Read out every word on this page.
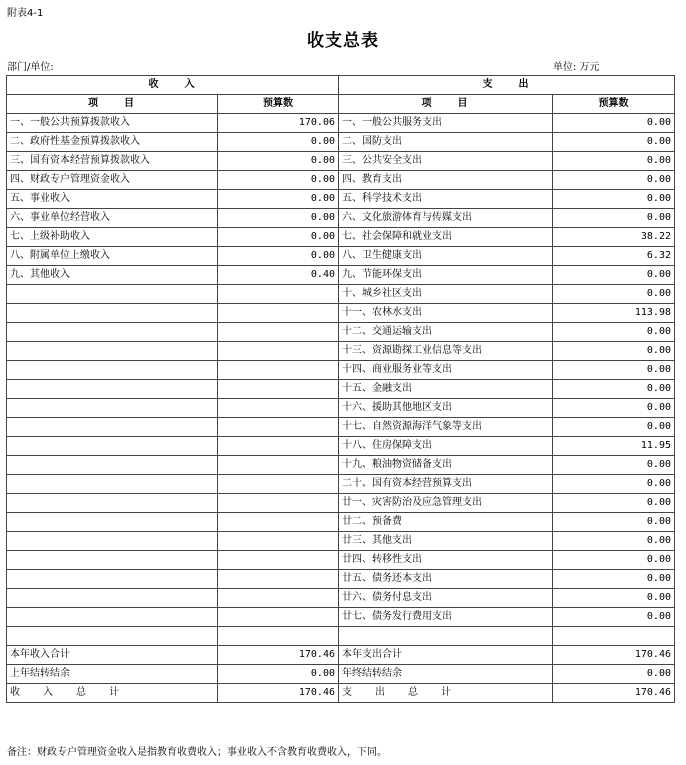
附表4-1
收支总表
部门/单位:	单位: 万元
收　　入		支　　出	
项　　目	预算数	项　　目	预算数
一、一般公共预算拨款收入	170.06	一、一般公共服务支出	0.00
二、政府性基金预算拨款收入	0.00	二、国防支出	0.00
三、国有资本经营预算拨款收入	0.00	三、公共安全支出	0.00
四、财政专户管理资金收入	0.00	四、教育支出	0.00
五、事业收入	0.00	五、科学技术支出	0.00
六、事业单位经营收入	0.00	六、文化旅游体育与传媒支出	0.00
七、上级补助收入	0.00	七、社会保障和就业支出	38.22
八、附属单位上缴收入	0.00	八、卫生健康支出	6.32
九、其他收入	0.40	九、节能环保支出	0.00
		十、城乡社区支出	0.00
		十一、农林水支出	113.98
		十二、交通运输支出	0.00
		十三、资源勘探工业信息等支出	0.00
		十四、商业服务业等支出	0.00
		十五、金融支出	0.00
		十六、援助其他地区支出	0.00
		十七、自然资源海洋气象等支出	0.00
		十八、住房保障支出	11.95
		十九、粮油物资储备支出	0.00
		二十、国有资本经营预算支出	0.00
		廿一、灾害防治及应急管理支出	0.00
		廿二、预备费	0.00
		廿三、其他支出	0.00
		廿四、转移性支出	0.00
		廿五、债务还本支出	0.00
		廿六、债务付息支出	0.00
		廿七、债务发行费用支出	0.00

本年收入合计	170.46	本年支出合计	170.46
上年结转结余	0.00	年终结转结余	0.00
收　　入　　总　　计	170.46	支　　出　　总　　计	170.46
备注：财政专户管理资金收入是指教育收费收入；事业收入不含教育收费收入，下同。
